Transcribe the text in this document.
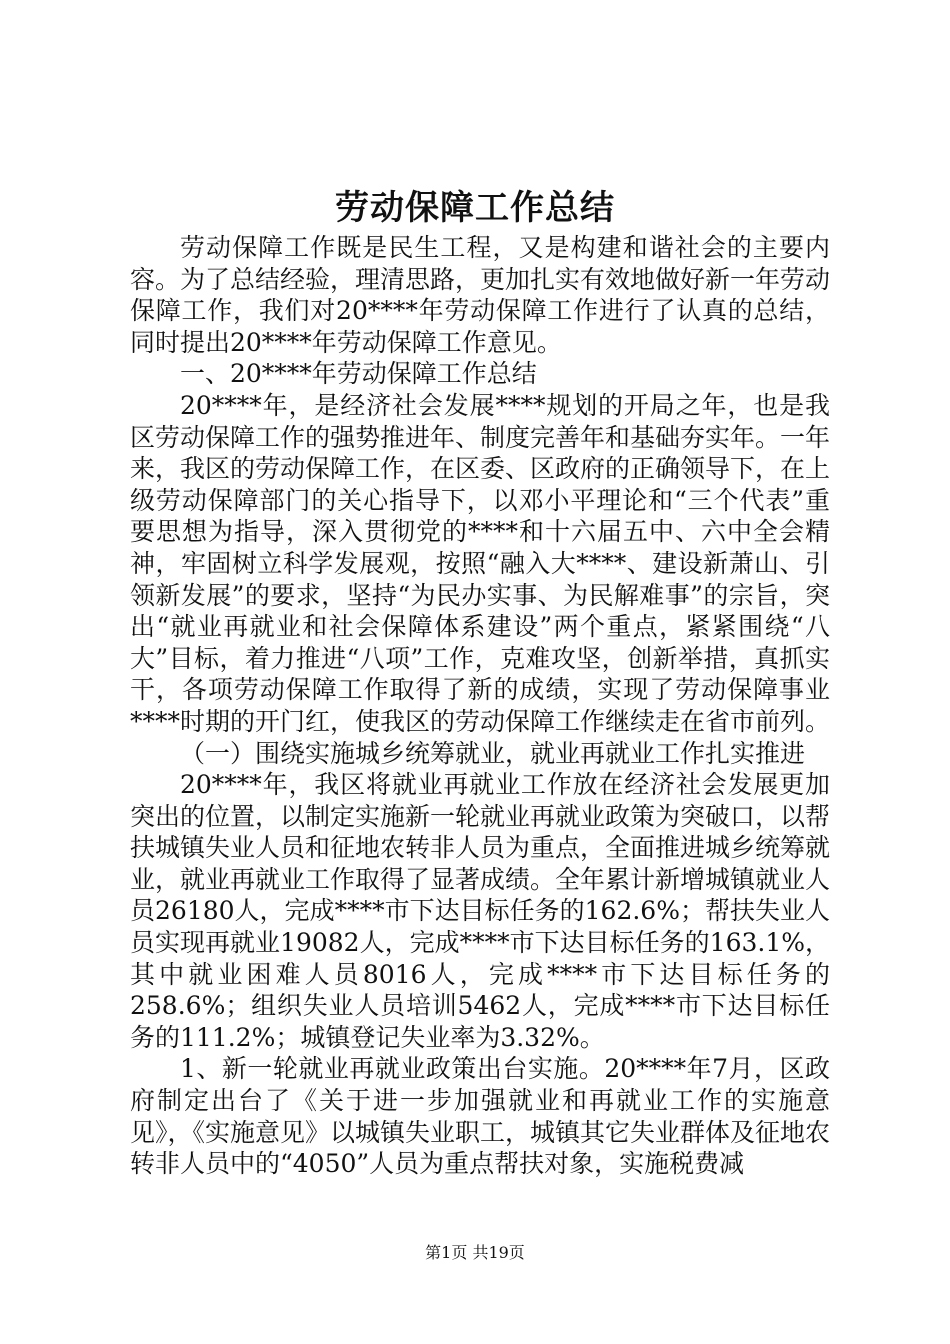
劳动保障工作总结

劳动保障工作既是民生工程，又是构建和谐社会的主要内容。为了总结经验，理清思路，更加扎实有效地做好新一年劳动保障工作，我们对20****年劳动保障工作进行了认真的总结，同时提出20****年劳动保障工作意见。

一、20****年劳动保障工作总结

20****年，是经济社会发展****规划的开局之年，也是我区劳动保障工作的强势推进年、制度完善年和基础夯实年。一年来，我区的劳动保障工作，在区委、区政府的正确领导下，在上级劳动保障部门的关心指导下，以邓小平理论和“三个代表”重要思想为指导，深入贯彻党的****和十六届五中、六中全会精神，牢固树立科学发展观，按照“融入大****、建设新萧山、引领新发展”的要求，坚持“为民办实事、为民解难事”的宗旨，突出“就业再就业和社会保障体系建设”两个重点，紧紧围绕“八大”目标，着力推进“八项”工作，克难攻坚，创新举措，真抓实干，各项劳动保障工作取得了新的成绩，实现了劳动保障事业****时期的开门红，使我区的劳动保障工作继续走在省市前列。

（一）围绕实施城乡统筹就业，就业再就业工作扎实推进

20****年，我区将就业再就业工作放在经济社会发展更加突出的位置，以制定实施新一轮就业再就业政策为突破口，以帮扶城镇失业人员和征地农转非人员为重点，全面推进城乡统筹就业，就业再就业工作取得了显著成绩。全年累计新增城镇就业人员26180人，完成****市下达目标任务的162.6%；帮扶失业人员实现再就业19082人，完成****市下达目标任务的163.1%，其中就业困难人员8016人，完成****市下达目标任务的258.6%；组织失业人员培训5462人，完成****市下达目标任务的111.2%；城镇登记失业率为3.32%。

1、新一轮就业再就业政策出台实施。20****年7月，区政府制定出台了《关于进一步加强就业和再就业工作的实施意见》，《实施意见》以城镇失业职工，城镇其它失业群体及征地农转非人员中的“4050”人员为重点帮扶对象，实施税费减

第1页 共19页
